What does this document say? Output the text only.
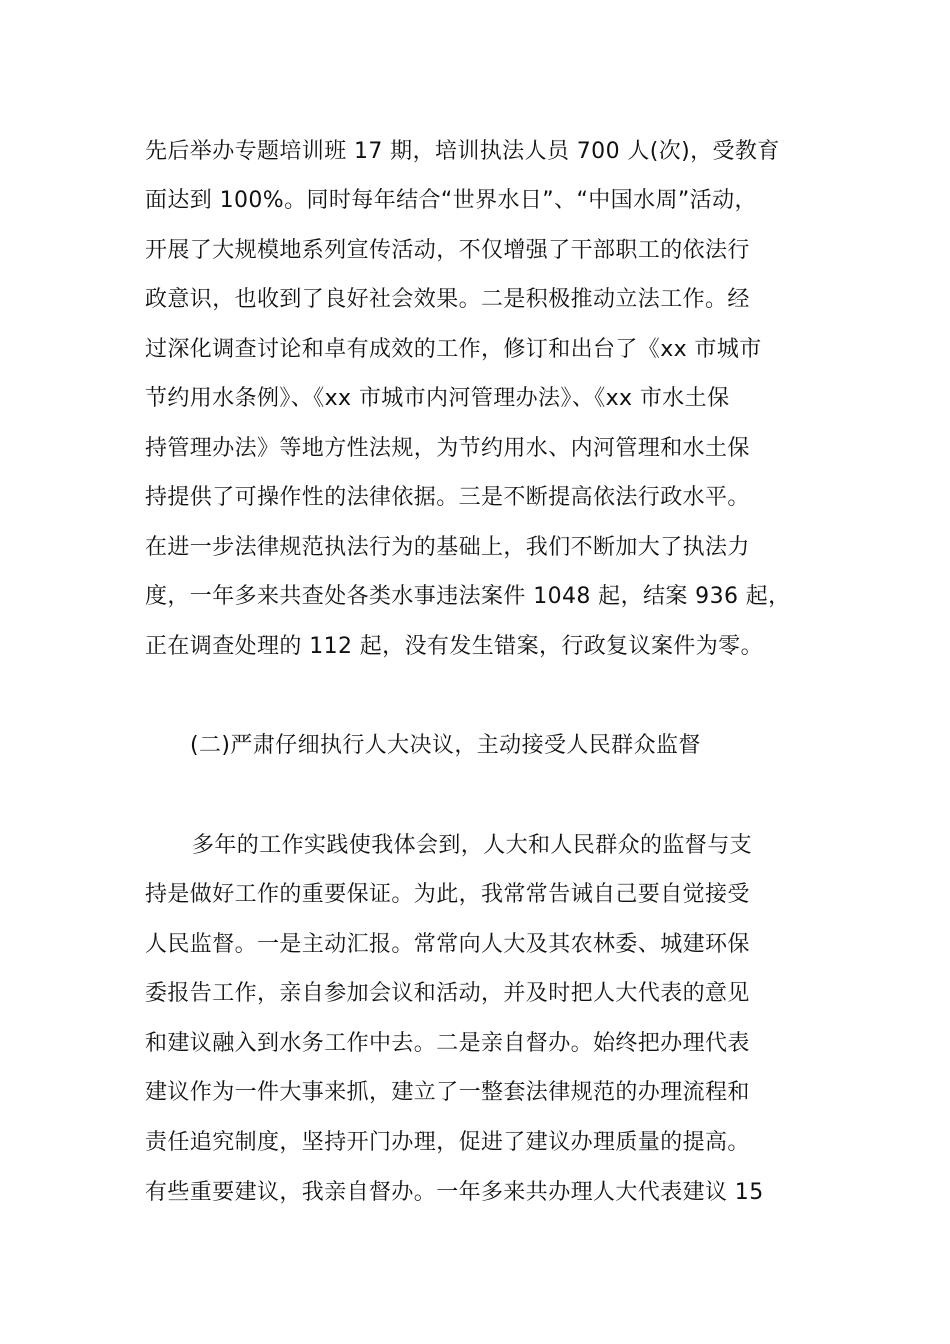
先后举办专题培训班 17 期，培训执法人员 700 人(次)，受教育
面达到 100%。同时每年结合“世界水日”、“中国水周”活动，
开展了大规模地系列宣传活动，不仅增强了干部职工的依法行
政意识，也收到了良好社会效果。二是积极推动立法工作。经
过深化调查讨论和卓有成效的工作，修订和出台了《xx 市城市
节约用水条例》、《xx 市城市内河管理办法》、《xx 市水土保
持管理办法》等地方性法规，为节约用水、内河管理和水土保
持提供了可操作性的法律依据。三是不断提高依法行政水平。
在进一步法律规范执法行为的基础上，我们不断加大了执法力
度，一年多来共查处各类水事违法案件 1048 起，结案 936 起，
正在调查处理的 112 起，没有发生错案，行政复议案件为零。
(二)严肃仔细执行人大决议，主动接受人民群众监督
多年的工作实践使我体会到，人大和人民群众的监督与支
持是做好工作的重要保证。为此，我常常告诫自己要自觉接受
人民监督。一是主动汇报。常常向人大及其农林委、城建环保
委报告工作，亲自参加会议和活动，并及时把人大代表的意见
和建议融入到水务工作中去。二是亲自督办。始终把办理代表
建议作为一件大事来抓，建立了一整套法律规范的办理流程和
责任追究制度，坚持开门办理，促进了建议办理质量的提高。
有些重要建议，我亲自督办。一年多来共办理人大代表建议 15
